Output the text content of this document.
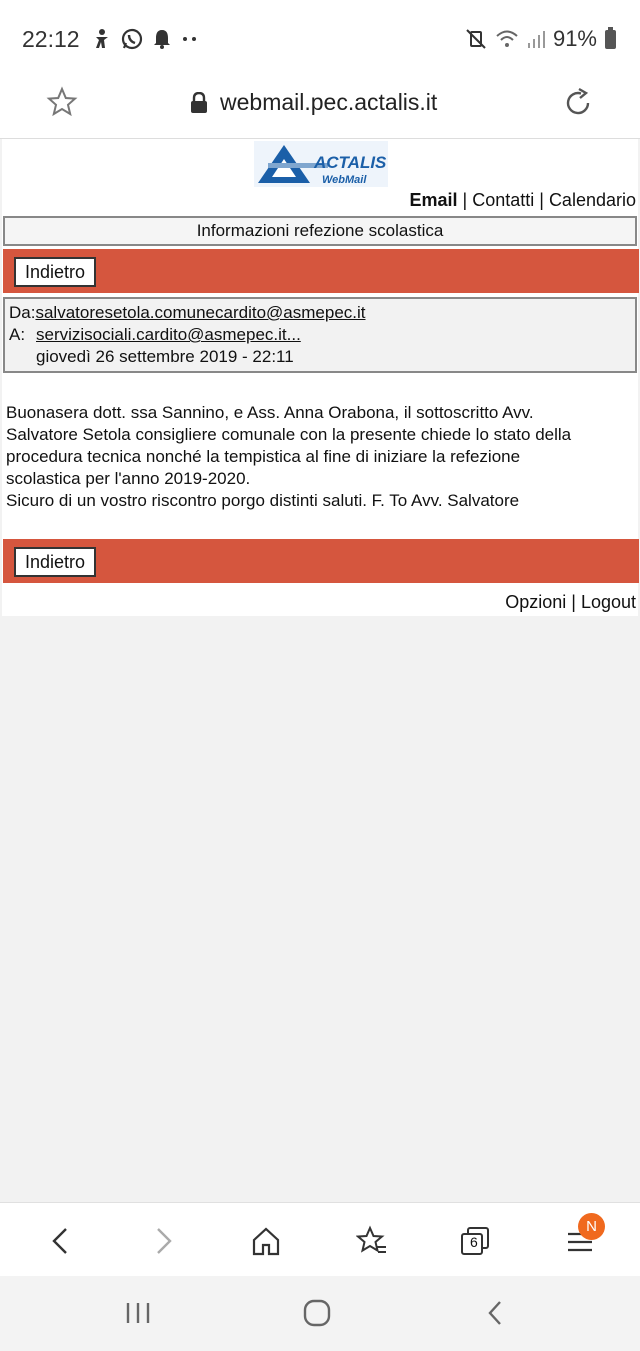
22:12	91%
webmail.pec.actalis.it
ACTALIS
WebMail
Email | Contatti | Calendario
Informazioni refezione scolastica
Indietro
Da:salvatoresetola.comunecardito@asmepec.it
A: servizisociali.cardito@asmepec.it...
giovedì 26 settembre 2019 - 22:11
Buonasera dott. ssa Sannino, e Ass. Anna Orabona, il sottoscritto Avv.
Salvatore Setola consigliere comunale con la presente chiede lo stato della
procedura tecnica nonché la tempistica al fine di iniziare la refezione
scolastica per l'anno 2019-2020.
Sicuro di un vostro riscontro porgo distinti saluti. F. To Avv. Salvatore
Indietro
Opzioni | Logout
6
N
